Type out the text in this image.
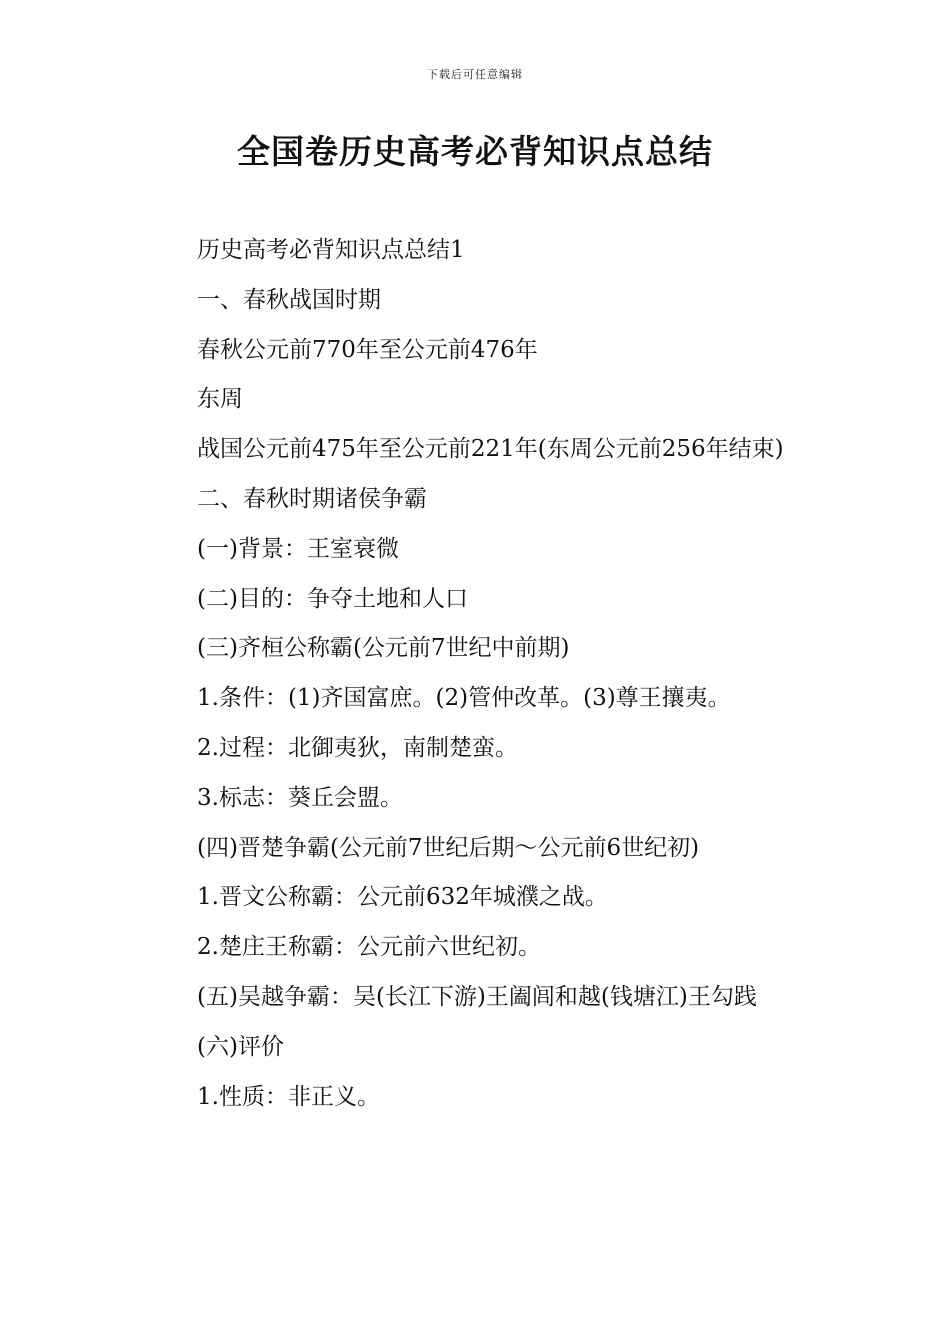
下载后可任意编辑
全国卷历史高考必背知识点总结

历史高考必背知识点总结1

一、春秋战国时期

春秋公元前770年至公元前476年

东周

战国公元前475年至公元前221年(东周公元前256年结束)

二、春秋时期诸侯争霸

(一)背景：王室衰微

(二)目的：争夺土地和人口

(三)齐桓公称霸(公元前7世纪中前期)

1.条件：(1)齐国富庶。(2)管仲改革。(3)尊王攘夷。

2.过程：北御夷狄，南制楚蛮。

3.标志：葵丘会盟。

(四)晋楚争霸(公元前7世纪后期～公元前6世纪初)

1.晋文公称霸：公元前632年城濮之战。

2.楚庄王称霸：公元前六世纪初。

(五)吴越争霸：吴(长江下游)王阖闾和越(钱塘江)王勾践

(六)评价

1.性质：非正义。
